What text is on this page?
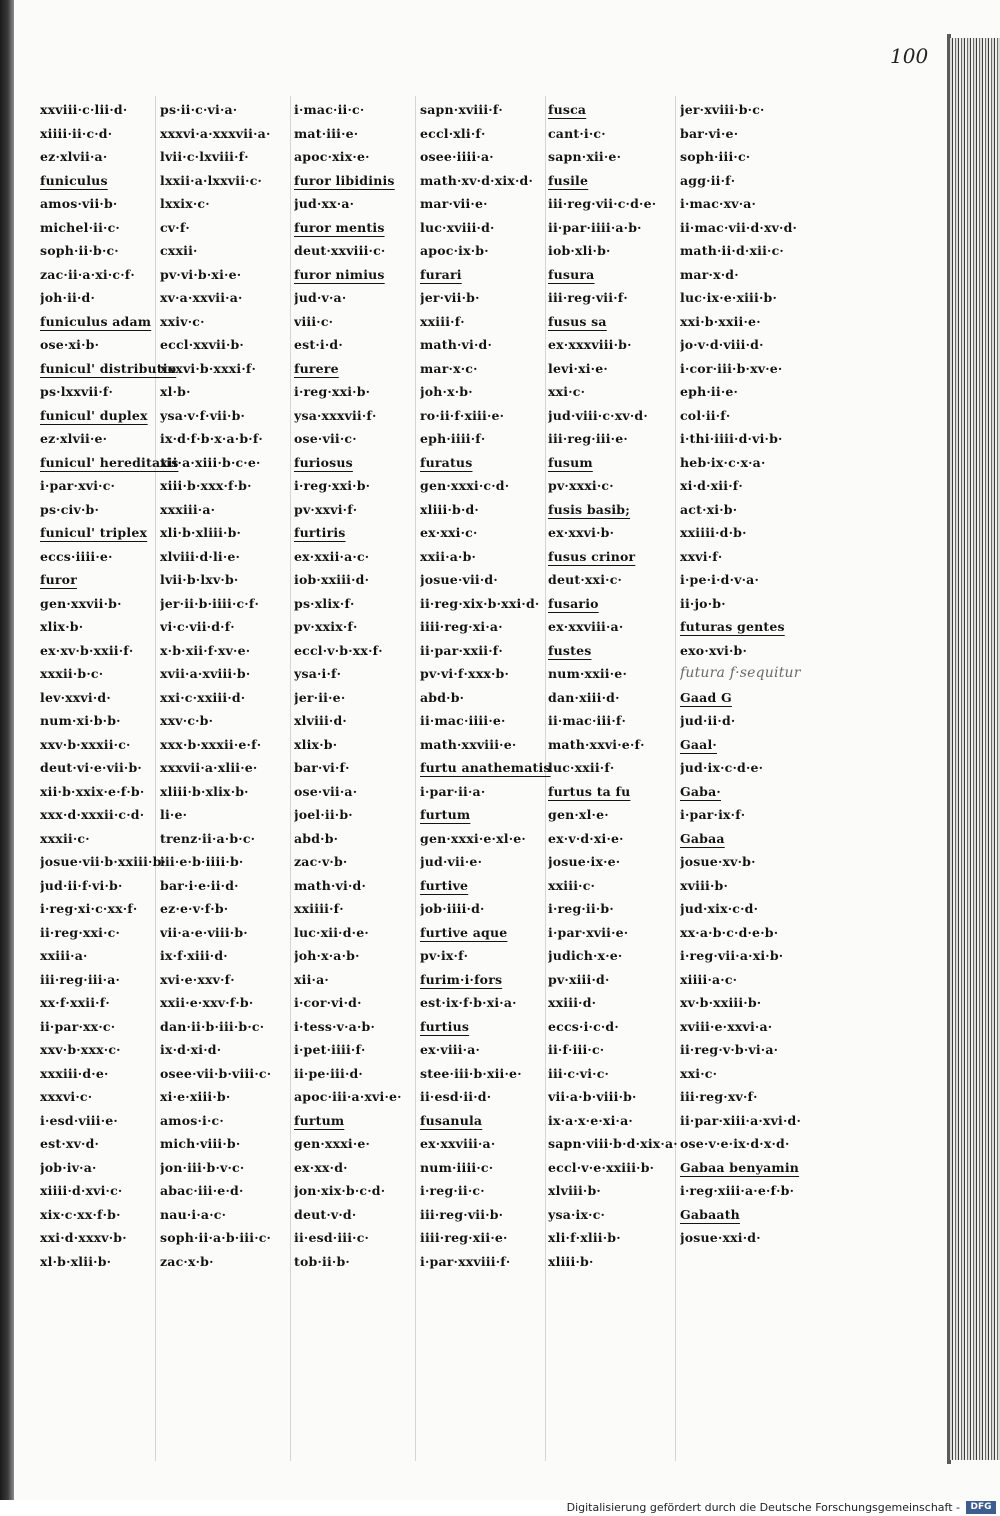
100
xxviii·c·lii·d·
xiiii·ii·c·d·
ez·xlvii·a·
funiculus
amos·vii·b·
michel·ii·c·
soph·ii·b·c·
zac·ii·a·xi·c·f·
joh·ii·d·
funiculus adam
ose·xi·b·
funicul' distributio
ps·lxxvii·f·
funicul' duplex
ez·xlvii·e·
funicul' hereditatis
i·par·xvi·c·
ps·civ·b·
funicul' triplex
eccs·iiii·e·
furor
gen·xxvii·b·
xlix·b·
ex·xv·b·xxii·f·
xxxii·b·c·
lev·xxvi·d·
num·xi·b·b·
xxv·b·xxxii·c·
deut·vi·e·vii·b·
xii·b·xxix·e·f·b·
xxx·d·xxxii·c·d·
xxxii·c·
josue·vii·b·xxiii·b·
jud·ii·f·vi·b·
i·reg·xi·c·xx·f·
ii·reg·xxi·c·
xxiii·a·
iii·reg·iii·a·
xx·f·xxii·f·
ii·par·xx·c·
xxv·b·xxx·c·
xxxiii·d·e·
xxxvi·c·
i·esd·viii·e·
est·xv·d·
job·iv·a·
xiiii·d·xvi·c·
xix·c·xx·f·b·
xxi·d·xxxv·b·
xl·b·xlii·b·
ps·ii·c·vi·a·
xxxvi·a·xxxvii·a·
lvii·c·lxviii·f·
lxxii·a·lxxvii·c·
lxxix·c·
cv·f·
cxxii·
pv·vi·b·xi·e·
xv·a·xxvii·a·
xxiv·c·
eccl·xxvii·b·
xxxvi·b·xxxi·f·
xl·b·
ysa·v·f·vii·b·
ix·d·f·b·x·a·b·f·
xii·a·xiii·b·c·e·
xiii·b·xxx·f·b·
xxxiii·a·
xli·b·xliii·b·
xlviii·d·li·e·
lvii·b·lxv·b·
jer·ii·b·iiii·c·f·
vi·c·vii·d·f·
x·b·xii·f·xv·e·
xvii·a·xviii·b·
xxi·c·xxiii·d·
xxv·c·b·
xxx·b·xxxii·e·f·
xxxvii·a·xlii·e·
xliii·b·xlix·b·
li·e·
trenz·ii·a·b·c·
iii·e·b·iiii·b·
bar·i·e·ii·d·
ez·e·v·f·b·
vii·a·e·viii·b·
ix·f·xiii·d·
xvi·e·xxv·f·
xxii·e·xxv·f·b·
dan·ii·b·iii·b·c·
ix·d·xi·d·
osee·vii·b·viii·c·
xi·e·xiii·b·
amos·i·c·
mich·viii·b·
jon·iii·b·v·c·
abac·iii·e·d·
nau·i·a·c·
soph·ii·a·b·iii·c·
zac·x·b·
i·mac·ii·c·
mat·iii·e·
apoc·xix·e·
furor libidinis
jud·xx·a·
furor mentis
deut·xxviii·c·
furor nimius
jud·v·a·
viii·c·
est·i·d·
furere
i·reg·xxi·b·
ysa·xxxvii·f·
ose·vii·c·
furiosus
i·reg·xxi·b·
pv·xxvi·f·
furtiris
ex·xxii·a·c·
iob·xxiii·d·
ps·xlix·f·
pv·xxix·f·
eccl·v·b·xx·f·
ysa·i·f·
jer·ii·e·
xlviii·d·
xlix·b·
bar·vi·f·
ose·vii·a·
joel·ii·b·
abd·b·
zac·v·b·
math·vi·d·
xxiiii·f·
luc·xii·d·e·
joh·x·a·b·
xii·a·
i·cor·vi·d·
i·tess·v·a·b·
i·pet·iiii·f·
ii·pe·iii·d·
apoc·iii·a·xvi·e·
furtum
gen·xxxi·e·
ex·xx·d·
jon·xix·b·c·d·
deut·v·d·
ii·esd·iii·c·
tob·ii·b·
sapn·xviii·f·
eccl·xli·f·
osee·iiii·a·
math·xv·d·xix·d·
mar·vii·e·
luc·xviii·d·
apoc·ix·b·
furari
jer·vii·b·
xxiii·f·
math·vi·d·
mar·x·c·
joh·x·b·
ro·ii·f·xiii·e·
eph·iiii·f·
furatus
gen·xxxi·c·d·
xliii·b·d·
ex·xxi·c·
xxii·a·b·
josue·vii·d·
ii·reg·xix·b·xxi·d·
iiii·reg·xi·a·
ii·par·xxii·f·
pv·vi·f·xxx·b·
abd·b·
ii·mac·iiii·e·
math·xxviii·e·
furtu anathematis
i·par·ii·a·
furtum
gen·xxxi·e·xl·e·
jud·vii·e·
furtive
job·iiii·d·
furtive aque
pv·ix·f·
furim·i·fors
est·ix·f·b·xi·a·
furtius
ex·viii·a·
stee·iii·b·xii·e·
ii·esd·ii·d·
fusanula
ex·xxviii·a·
num·iiii·c·
i·reg·ii·c·
iii·reg·vii·b·
iiii·reg·xii·e·
i·par·xxviii·f·
fusca
cant·i·c·
sapn·xii·e·
fusile
iii·reg·vii·c·d·e·
ii·par·iiii·a·b·
iob·xli·b·
fusura
iii·reg·vii·f·
fusus sa
ex·xxxviii·b·
levi·xi·e·
xxi·c·
jud·viii·c·xv·d·
iii·reg·iii·e·
fusum
pv·xxxi·c·
fusis basib;
ex·xxvi·b·
fusus crinor
deut·xxi·c·
fusario
ex·xxviii·a·
fustes
num·xxii·e·
dan·xiii·d·
ii·mac·iii·f·
math·xxvi·e·f·
luc·xxii·f·
furtus ta fu
gen·xl·e·
ex·v·d·xi·e·
josue·ix·e·
xxiii·c·
i·reg·ii·b·
i·par·xvii·e·
judich·x·e·
pv·xiii·d·
xxiii·d·
eccs·i·c·d·
ii·f·iii·c·
iii·c·vi·c·
vii·a·b·viii·b·
ix·a·x·e·xi·a·
sapn·viii·b·d·xix·a·
eccl·v·e·xxiii·b·
xlviii·b·
ysa·ix·c·
xli·f·xlii·b·
xliii·b·
jer·xviii·b·c·
bar·vi·e·
soph·iii·c·
agg·ii·f·
i·mac·xv·a·
ii·mac·vii·d·xv·d·
math·ii·d·xii·c·
mar·x·d·
luc·ix·e·xiii·b·
xxi·b·xxii·e·
jo·v·d·viii·d·
i·cor·iii·b·xv·e·
eph·ii·e·
col·ii·f·
i·thi·iiii·d·vi·b·
heb·ix·c·x·a·
xi·d·xii·f·
act·xi·b·
xxiiii·d·b·
xxvi·f·
i·pe·i·d·v·a·
ii·jo·b·
futuras gentes
exo·xvi·b·
futura f·sequitur
Gaad G
jud·ii·d·
Gaal·
jud·ix·c·d·e·
Gaba·
i·par·ix·f·
Gabaa
josue·xv·b·
xviii·b·
jud·xix·c·d·
xx·a·b·c·d·e·b·
i·reg·vii·a·xi·b·
xiiii·a·c·
xv·b·xxiii·b·
xviii·e·xxvi·a·
ii·reg·v·b·vi·a·
xxi·c·
iii·reg·xv·f·
ii·par·xiii·a·xvi·d·
ose·v·e·ix·d·x·d·
Gabaa benyamin
i·reg·xiii·a·e·f·b·
Gabaath
josue·xxi·d·
Digitalisierung gefördert durch die Deutsche Forschungsgemeinschaft -	DFG
